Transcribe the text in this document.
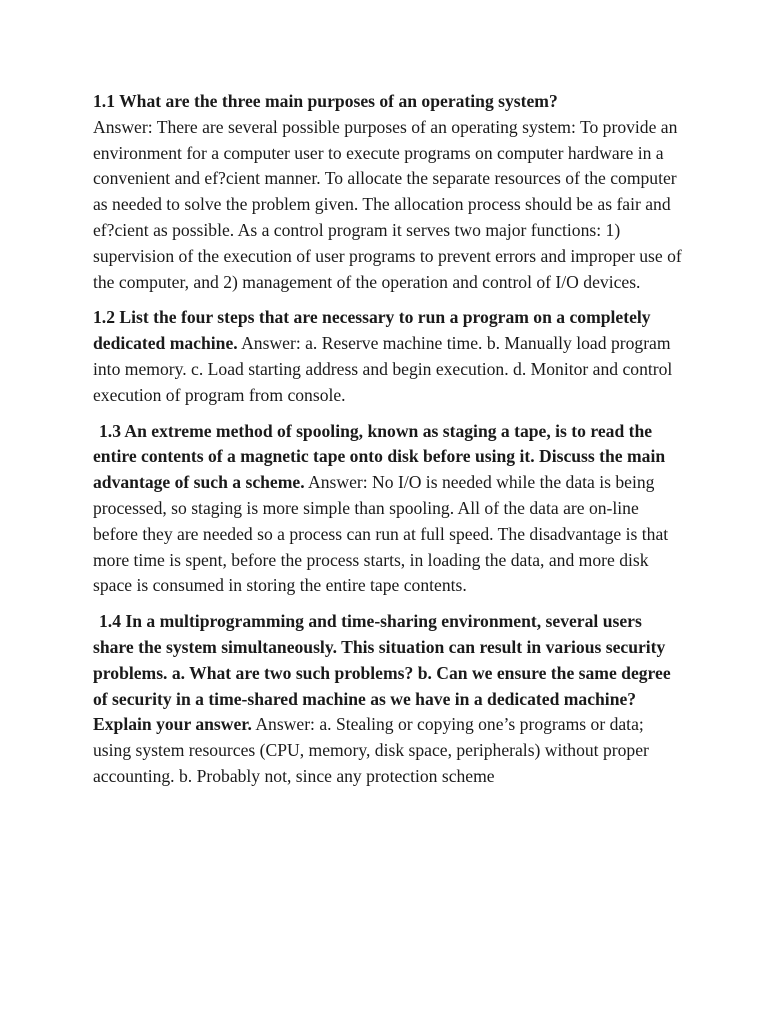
1.1 What are the three main purposes of an operating system?
Answer: There are several possible purposes of an operating system: To provide an environment for a computer user to execute programs on computer hardware in a convenient and ef?cient manner. To allocate the separate resources of the computer as needed to solve the problem given. The allocation process should be as fair and ef?cient as possible. As a control program it serves two major functions: 1) supervision of the execution of user programs to prevent errors and improper use of the computer, and 2) management of the operation and control of I/O devices.

1.2 List the four steps that are necessary to run a program on a completely dedicated machine. Answer: a. Reserve machine time. b. Manually load program into memory. c. Load starting address and begin execution. d. Monitor and control execution of program from console.

1.3 An extreme method of spooling, known as staging a tape, is to read the entire contents of a magnetic tape onto disk before using it. Discuss the main advantage of such a scheme. Answer: No I/O is needed while the data is being processed, so staging is more simple than spooling. All of the data are on-line before they are needed so a process can run at full speed. The disadvantage is that more time is spent, before the process starts, in loading the data, and more disk space is consumed in storing the entire tape contents.

1.4 In a multiprogramming and time-sharing environment, several users share the system simultaneously. This situation can result in various security problems. a. What are two such problems? b. Can we ensure the same degree of security in a time-shared machine as we have in a dedicated machine? Explain your answer. Answer: a. Stealing or copying one’s programs or data; using system resources (CPU, memory, disk space, peripherals) without proper accounting. b. Probably not, since any protection scheme
